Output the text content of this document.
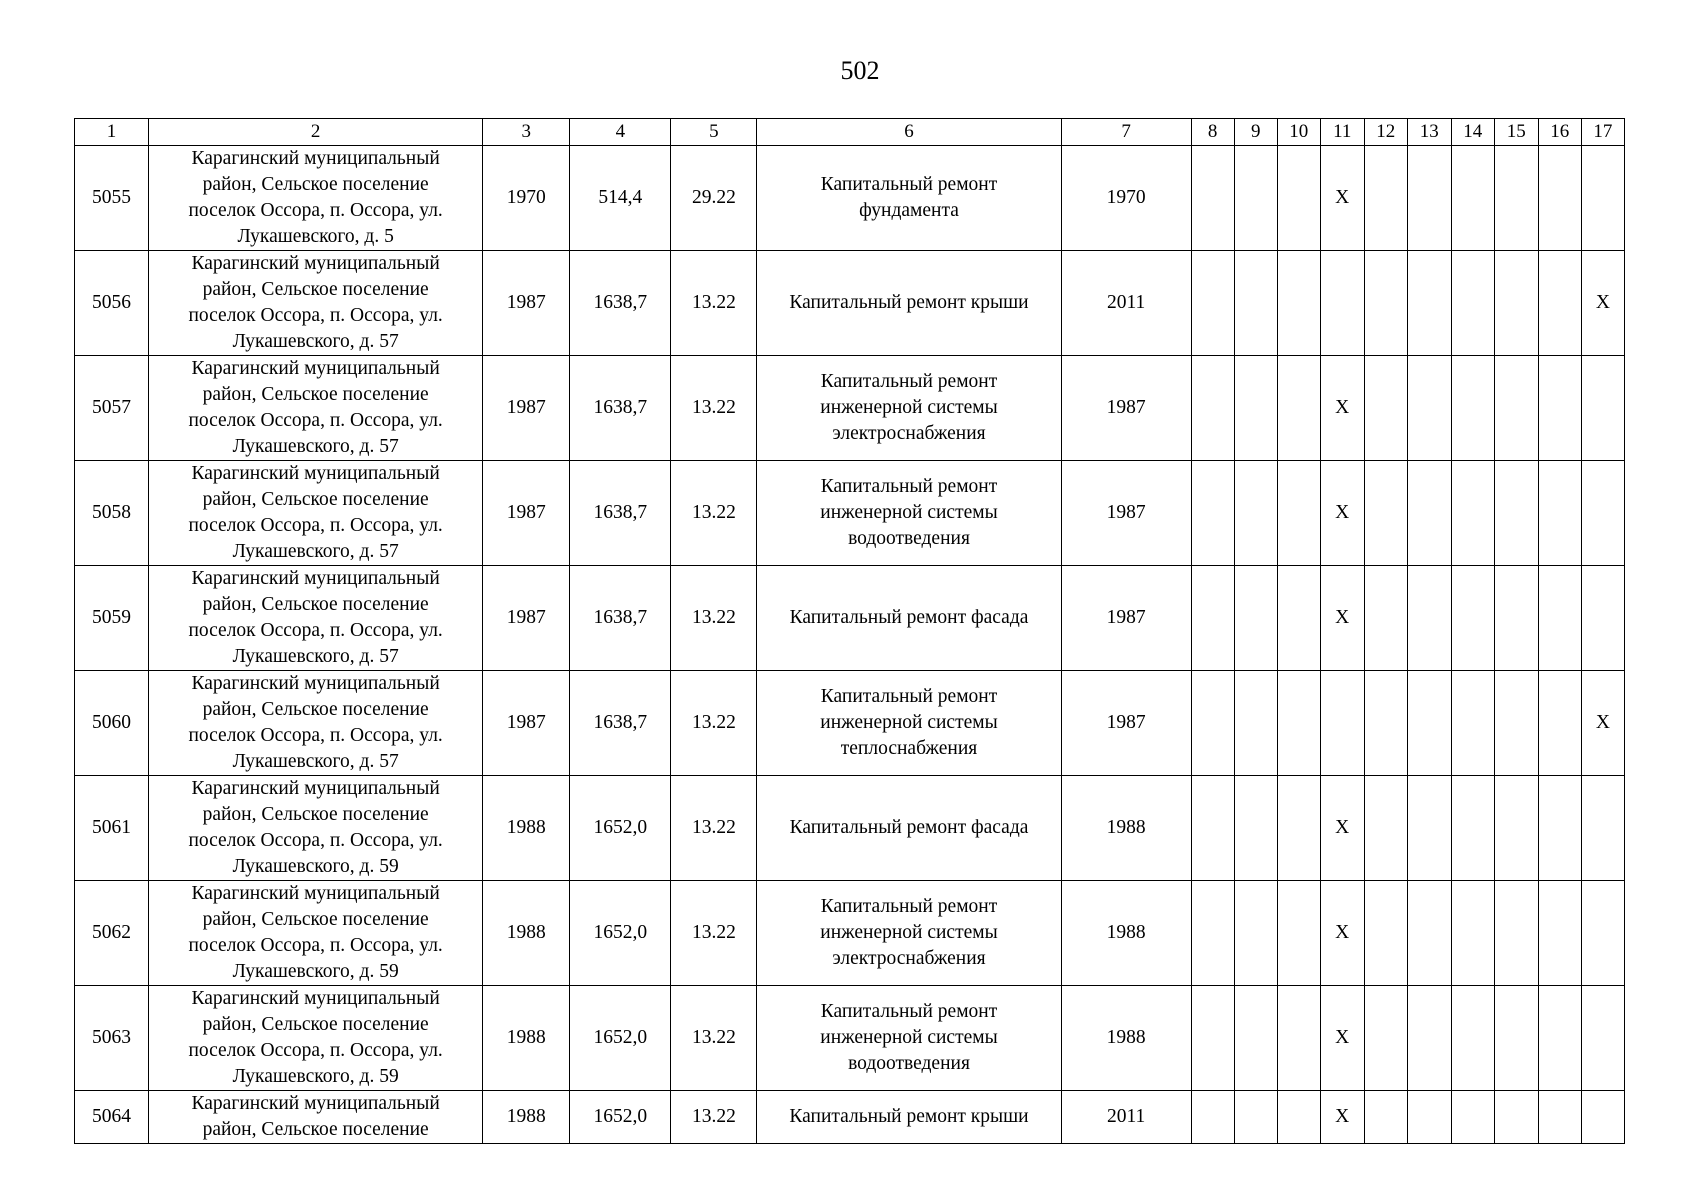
502
1	2	3	4	5	6	7	8	9	10	11	12	13	14	15	16	17
5055	Карагинский муниципальный
район, Сельское поселение
поселок Оссора, п. Оссора, ул.
Лукашевского, д. 5	1970	514,4	29.22	Капитальный ремонт
фундамента	1970				X						
5056	Карагинский муниципальный
район, Сельское поселение
поселок Оссора, п. Оссора, ул.
Лукашевского, д. 57	1987	1638,7	13.22	Капитальный ремонт крыши	2011										X
5057	Карагинский муниципальный
район, Сельское поселение
поселок Оссора, п. Оссора, ул.
Лукашевского, д. 57	1987	1638,7	13.22	Капитальный ремонт
инженерной системы
электроснабжения	1987				X						
5058	Карагинский муниципальный
район, Сельское поселение
поселок Оссора, п. Оссора, ул.
Лукашевского, д. 57	1987	1638,7	13.22	Капитальный ремонт
инженерной системы
водоотведения	1987				X						
5059	Карагинский муниципальный
район, Сельское поселение
поселок Оссора, п. Оссора, ул.
Лукашевского, д. 57	1987	1638,7	13.22	Капитальный ремонт фасада	1987				X						
5060	Карагинский муниципальный
район, Сельское поселение
поселок Оссора, п. Оссора, ул.
Лукашевского, д. 57	1987	1638,7	13.22	Капитальный ремонт
инженерной системы
теплоснабжения	1987										X
5061	Карагинский муниципальный
район, Сельское поселение
поселок Оссора, п. Оссора, ул.
Лукашевского, д. 59	1988	1652,0	13.22	Капитальный ремонт фасада	1988				X						
5062	Карагинский муниципальный
район, Сельское поселение
поселок Оссора, п. Оссора, ул.
Лукашевского, д. 59	1988	1652,0	13.22	Капитальный ремонт
инженерной системы
электроснабжения	1988				X						
5063	Карагинский муниципальный
район, Сельское поселение
поселок Оссора, п. Оссора, ул.
Лукашевского, д. 59	1988	1652,0	13.22	Капитальный ремонт
инженерной системы
водоотведения	1988				X						
5064	Карагинский муниципальный
район, Сельское поселение	1988	1652,0	13.22	Капитальный ремонт крыши	2011				X						
